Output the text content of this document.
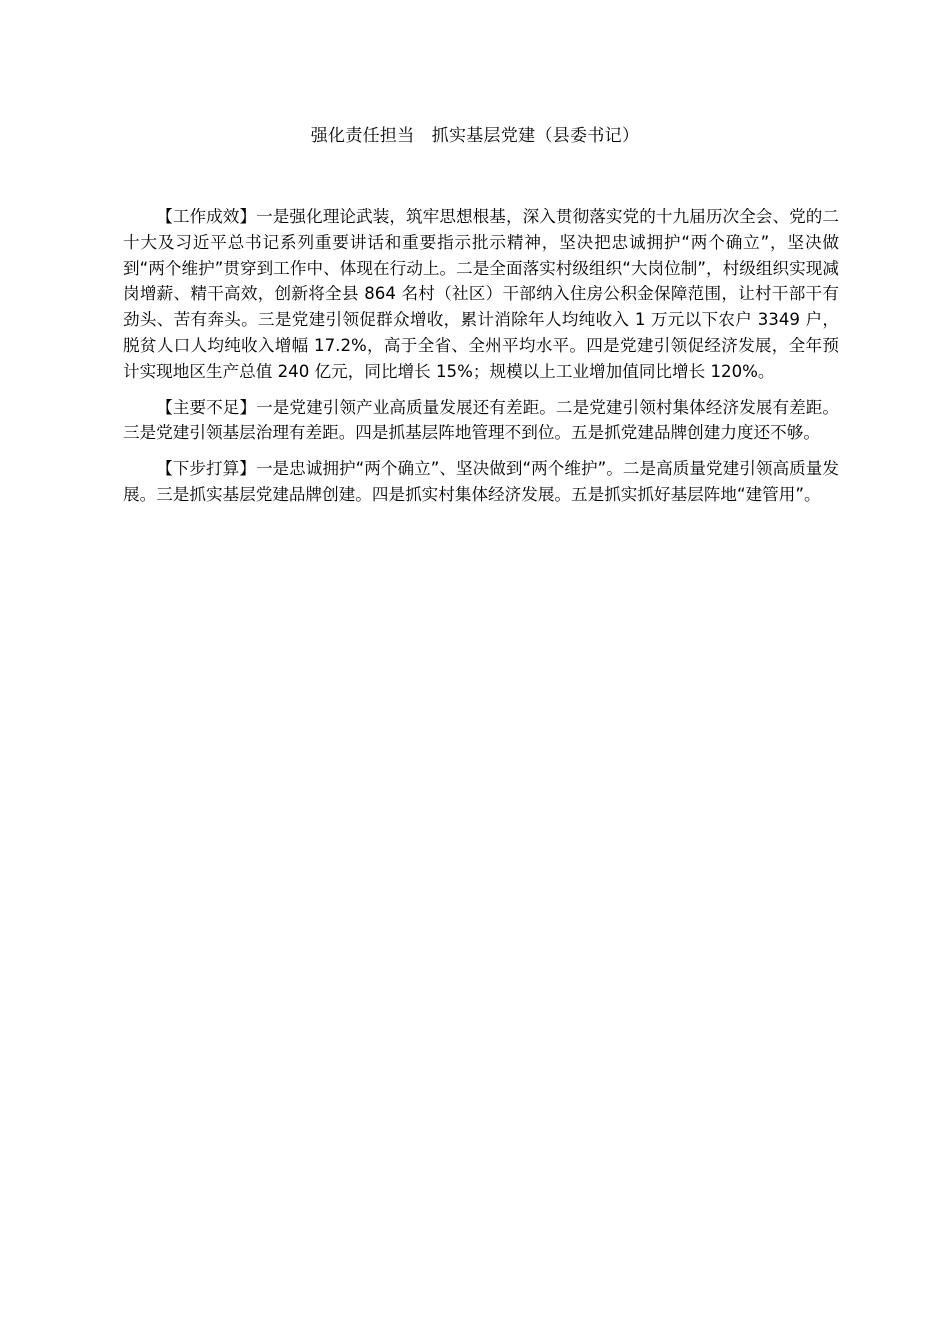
强化责任担当   抓实基层党建（县委书记）

【工作成效】一是强化理论武装，筑牢思想根基，深入贯彻落实党的十九届历次全会、党的二十大及习近平总书记系列重要讲话和重要指示批示精神，坚决把忠诚拥护“两个确立”，坚决做到“两个维护”贯穿到工作中、体现在行动上。二是全面落实村级组织“大岗位制”，村级组织实现减岗增薪、精干高效，创新将全县 864 名村（社区）干部纳入住房公积金保障范围，让村干部干有劲头、苦有奔头。三是党建引领促群众增收，累计消除年人均纯收入 1 万元以下农户 3349 户，脱贫人口人均纯收入增幅 17.2%，高于全省、全州平均水平。四是党建引领促经济发展，全年预计实现地区生产总值 240 亿元，同比增长 15%；规模以上工业增加值同比增长 120%。

【主要不足】一是党建引领产业高质量发展还有差距。二是党建引领村集体经济发展有差距。三是党建引领基层治理有差距。四是抓基层阵地管理不到位。五是抓党建品牌创建力度还不够。

【下步打算】一是忠诚拥护“两个确立”、坚决做到“两个维护”。二是高质量党建引领高质量发展。三是抓实基层党建品牌创建。四是抓实村集体经济发展。五是抓实抓好基层阵地“建管用”。
